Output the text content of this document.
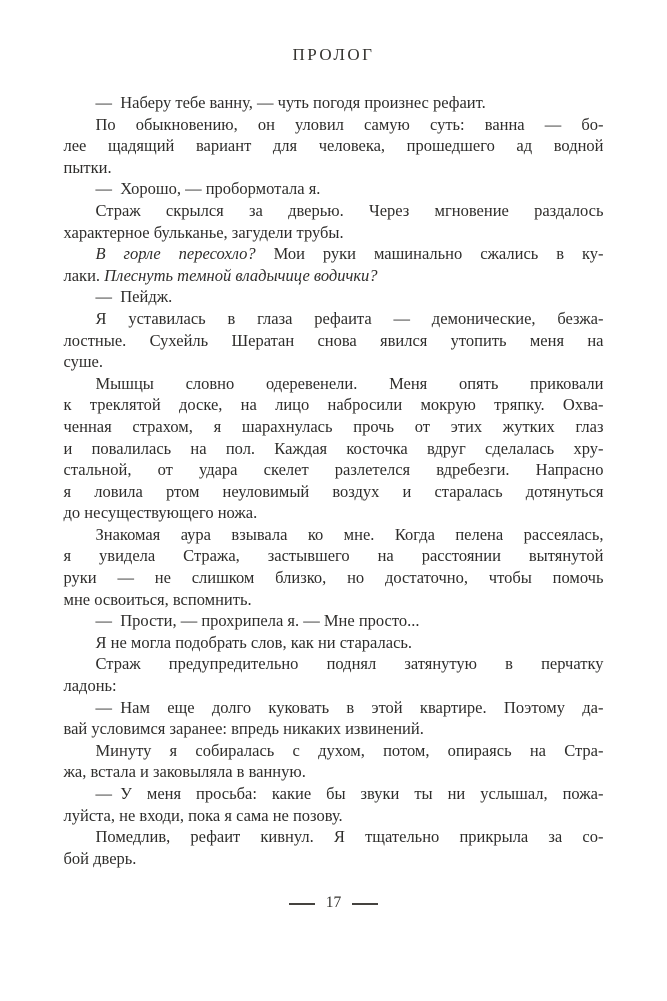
ПРОЛОГ
— Наберу тебе ванну, — чуть погодя произнес рефаит.
По обыкновению, он уловил самую суть: ванна — бо-
лее щадящий вариант для человека, прошедшего ад водной
пытки.
— Хорошо, — пробормотала я.
Страж скрылся за дверью. Через мгновение раздалось
характерное бульканье, загудели трубы.
В горле пересохло? Мои руки машинально сжались в ку-
лаки. Плеснуть темной владычице водички?
— Пейдж.
Я уставилась в глаза рефаита — демонические, безжа-
лостные. Сухейль Шератан снова явился утопить меня на
суше.
Мышцы словно одеревенели. Меня опять приковали
к треклятой доске, на лицо набросили мокрую тряпку. Охва-
ченная страхом, я шарахнулась прочь от этих жутких глаз
и повалилась на пол. Каждая косточка вдруг сделалась хру-
стальной, от удара скелет разлетелся вдребезги. Напрасно
я ловила ртом неуловимый воздух и старалась дотянуться
до несуществующего ножа.
Знакомая аура взывала ко мне. Когда пелена рассеялась,
я увидела Стража, застывшего на расстоянии вытянутой
руки — не слишком близко, но достаточно, чтобы помочь
мне освоиться, вспомнить.
— Прости, — прохрипела я. — Мне просто...
Я не могла подобрать слов, как ни старалась.
Страж предупредительно поднял затянутую в перчатку
ладонь:
— Нам еще долго куковать в этой квартире. Поэтому да-
вай условимся заранее: впредь никаких извинений.
Минуту я собиралась с духом, потом, опираясь на Стра-
жа, встала и заковыляла в ванную.
— У меня просьба: какие бы звуки ты ни услышал, пожа-
луйста, не входи, пока я сама не позову.
Помедлив, рефаит кивнул. Я тщательно прикрыла за со-
бой дверь.
17
